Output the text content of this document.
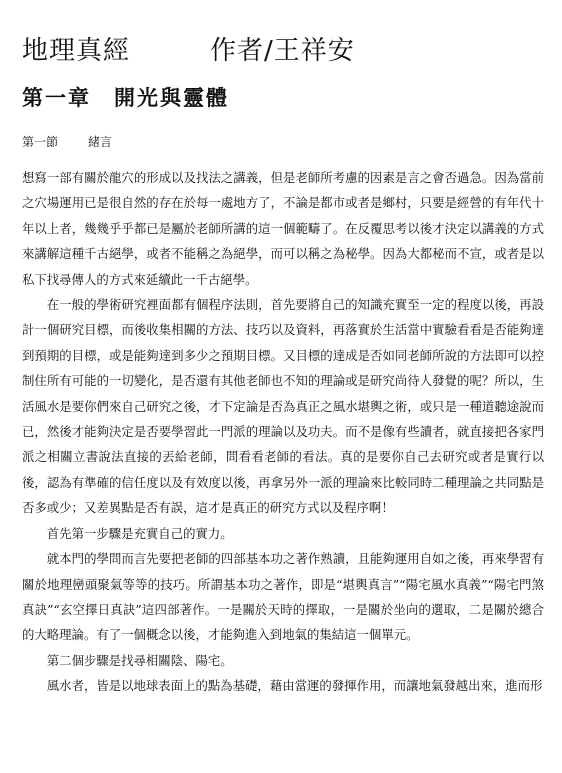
地理真經	作者/王祥安
第一章　 開光與靈體
第一節	緒言

想寫一部有關於龍穴的形成以及找法之講義，但是老師所考慮的因素是言之會否過急。因為當前之穴場運用已是很自然的存在於每一處地方了，不論是都市或者是鄉村，只要是經營的有年代十年以上者，幾幾乎乎都已是屬於老師所講的這一個範疇了。在反覆思考以後才決定以講義的方式來講解這種千古絕學，或者不能稱之為絕學，而可以稱之為秘學。因為大都秘而不宣，或者是以私下找尋傳人的方式來延續此一千古絕學。

在一般的學術研究裡面都有個程序法則，首先要將自己的知識充實至一定的程度以後，再設計一個研究目標，而後收集相關的方法、技巧以及資料，再落實於生活當中實驗看看是否能夠達到預期的目標，或是能夠達到多少之預期目標。又目標的達成是否如同老師所說的方法即可以控制住所有可能的一切變化，是否還有其他老師也不知的理論或是研究尚待人發覺的呢？所以，生活風水是要你們來自己研究之後，才下定論是否為真正之風水堪輿之術，或只是一種道聽途說而已，然後才能夠決定是否要學習此一門派的理論以及功夫。而不是像有些讀者，就直接把各家門派之相關立書說法直接的丟給老師，問看看老師的看法。真的是要你自己去研究或者是實行以後，認為有準確的信任度以及有效度以後，再拿另外一派的理論來比較同時二種理論之共同點是否多或少；又差異點是否有誤，這才是真正的研究方式以及程序啊！

首先第一步驟是充實自己的實力。

就本門的學問而言先要把老師的四部基本功之著作熟讀，且能夠運用自如之後，再來學習有關於地理巒頭聚氣等等的技巧。所謂基本功之著作，即是“堪輿真言”“陽宅風水真義”“陽宅門煞真訣”“玄空擇日真訣”這四部著作。一是關於天時的擇取，一是關於坐向的選取，二是關於總合的大略理論。有了一個概念以後，才能夠進入到地氣的集結這一個單元。

第二個步驟是找尋相關陰、陽宅。

風水者，皆是以地球表面上的點為基礎，藉由當運的發揮作用，而讓地氣發越出來，進而形
